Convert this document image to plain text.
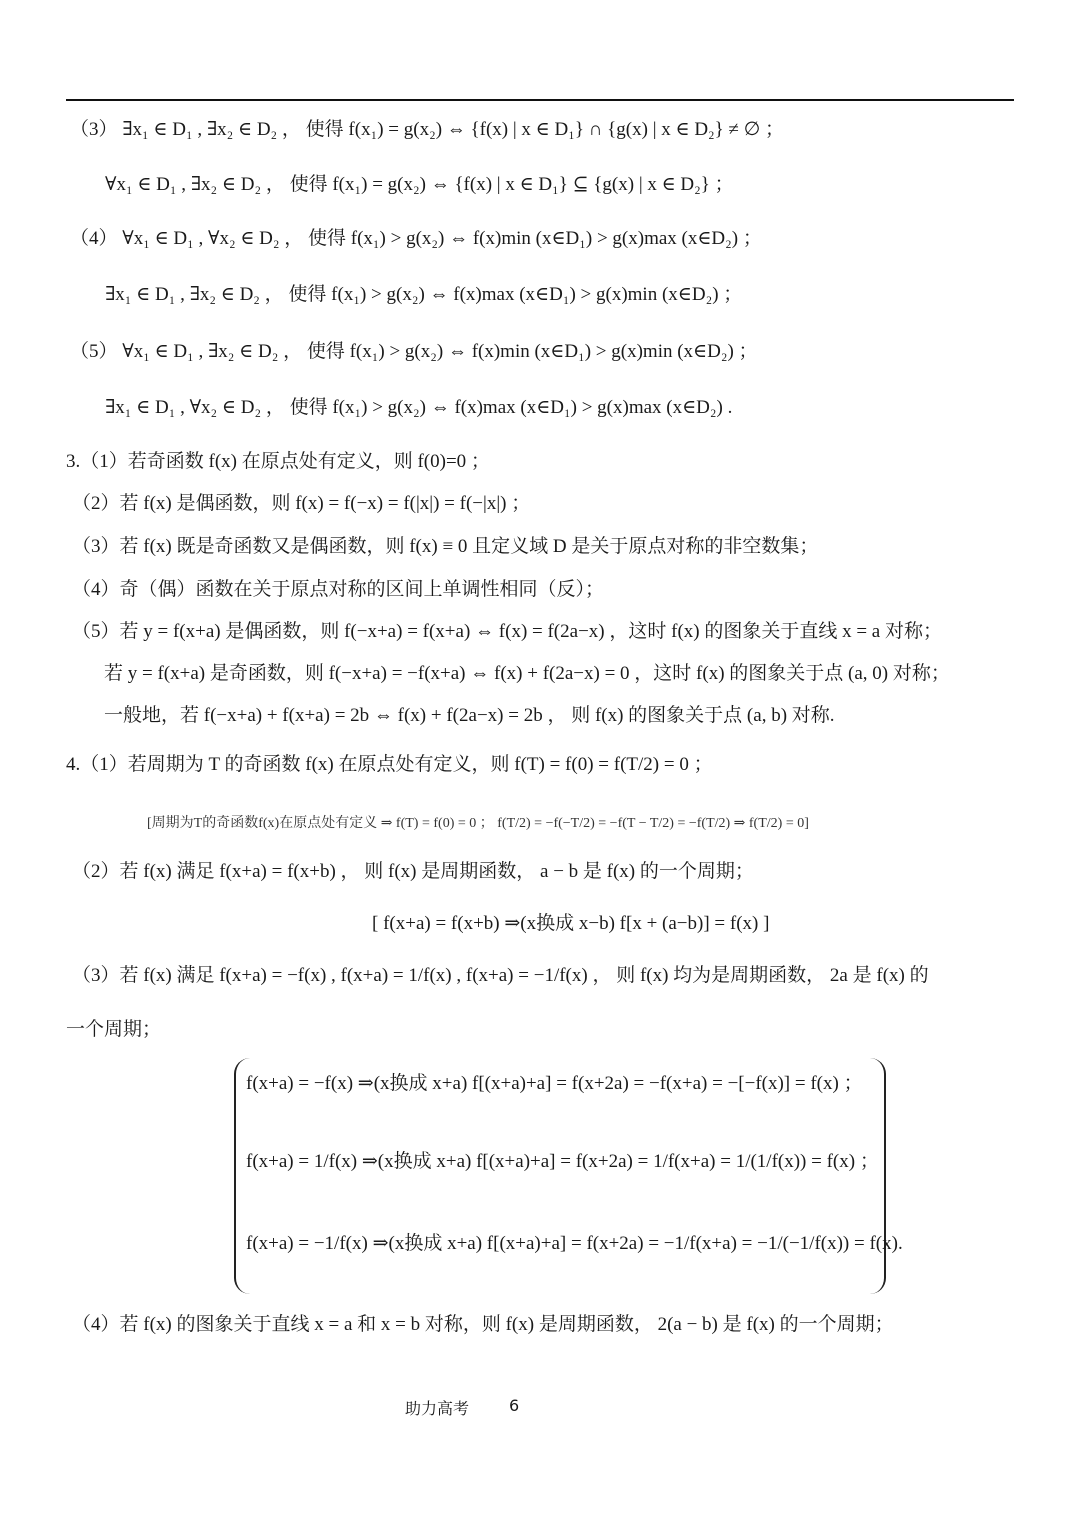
（3） ∃x₁ ∈ D₁ , ∃x₂ ∈ D₂ ， 使得 f(x₁) = g(x₂) ⇔ {f(x) | x ∈ D₁} ∩ {g(x) | x ∈ D₂} ≠ ∅ ；
∀x₁ ∈ D₁ , ∃x₂ ∈ D₂ ， 使得 f(x₁) = g(x₂) ⇔ {f(x) | x ∈ D₁} ⊆ {g(x) | x ∈ D₂} ；
（4） ∀x₁ ∈ D₁ , ∀x₂ ∈ D₂ ， 使得 f(x₁) > g(x₂) ⇔ f(x)min (x∈D₁) > g(x)max (x∈D₂) ；
∃x₁ ∈ D₁ , ∃x₂ ∈ D₂ ， 使得 f(x₁) > g(x₂) ⇔ f(x)max (x∈D₁) > g(x)min (x∈D₂) ；
（5） ∀x₁ ∈ D₁ , ∃x₂ ∈ D₂ ， 使得 f(x₁) > g(x₂) ⇔ f(x)min (x∈D₁) > g(x)min (x∈D₂) ；
∃x₁ ∈ D₁ , ∀x₂ ∈ D₂ ， 使得 f(x₁) > g(x₂) ⇔ f(x)max (x∈D₁) > g(x)max (x∈D₂) .
3.（1）若奇函数 f(x) 在原点处有定义，则 f(0)=0 ；
（2）若 f(x) 是偶函数，则 f(x) = f(−x) = f(|x|) = f(−|x|) ；
（3）若 f(x) 既是奇函数又是偶函数，则 f(x) ≡ 0 且定义域 D 是关于原点对称的非空数集；
（4）奇（偶）函数在关于原点对称的区间上单调性相同（反）；
（5）若 y = f(x+a) 是偶函数，则 f(−x+a) = f(x+a) ⇔ f(x) = f(2a−x) ，这时 f(x) 的图象关于直线 x = a 对称；
若 y = f(x+a) 是奇函数，则 f(−x+a) = −f(x+a) ⇔ f(x) + f(2a−x) = 0 ，这时 f(x) 的图象关于点 (a, 0) 对称；
一般地，若 f(−x+a) + f(x+a) = 2b ⇔ f(x) + f(2a−x) = 2b ， 则 f(x) 的图象关于点 (a, b) 对称.
4.（1）若周期为 T 的奇函数 f(x) 在原点处有定义，则 f(T) = f(0) = f(T/2) = 0 ；
[周期为T的奇函数f(x)在原点处有定义 ⇒ f(T) = f(0) = 0 ； f(T/2) = −f(−T/2) = −f(T − T/2) = −f(T/2) ⇒ f(T/2) = 0]
（2）若 f(x) 满足 f(x+a) = f(x+b) ， 则 f(x) 是周期函数， a − b 是 f(x) 的一个周期；
[ f(x+a) = f(x+b) ⇒(x换成 x−b) f[x + (a−b)] = f(x) ]
（3）若 f(x) 满足 f(x+a) = −f(x) , f(x+a) = 1/f(x) , f(x+a) = −1/f(x) ， 则 f(x) 均为是周期函数， 2a 是 f(x) 的
一个周期；
f(x+a) = −f(x) ⇒(x换成 x+a) f[(x+a)+a] = f(x+2a) = −f(x+a) = −[−f(x)] = f(x) ；
f(x+a) = 1/f(x) ⇒(x换成 x+a) f[(x+a)+a] = f(x+2a) = 1/f(x+a) = 1/(1/f(x)) = f(x) ；
f(x+a) = −1/f(x) ⇒(x换成 x+a) f[(x+a)+a] = f(x+2a) = −1/f(x+a) = −1/(−1/f(x)) = f(x).
（4）若 f(x) 的图象关于直线 x = a 和 x = b 对称，则 f(x) 是周期函数， 2(a − b) 是 f(x) 的一个周期；
助力高考 6
